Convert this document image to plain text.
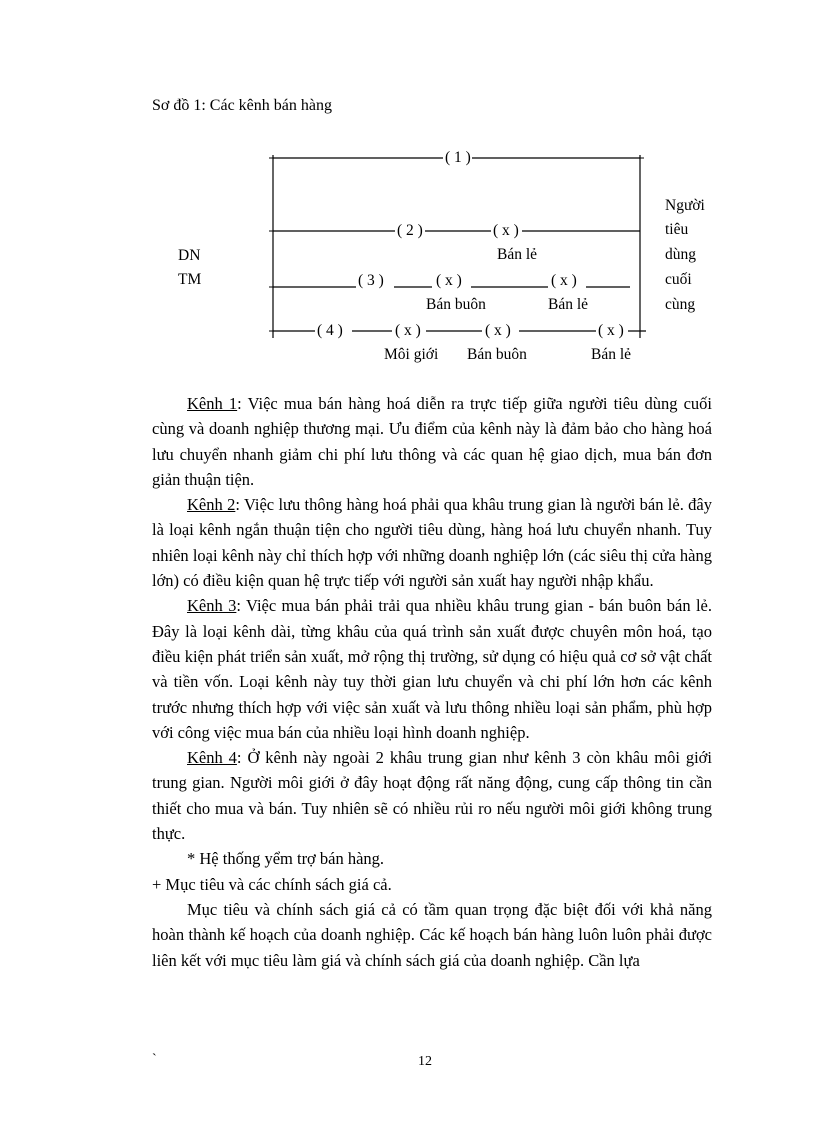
Sơ đồ 1: Các kênh bán hàng
( 1 )
( 2 )	( x )
Bán lẻ
( 3 )	( x )	( x )
Bán buôn	Bán lẻ
( 4 )	( x )	( x )	( x )
Môi giới Bán buôn	Bán lẻ
DN
TM
Người
tiêu
dùng
cuối
cùng

Kênh 1: Việc mua bán hàng hoá diễn ra trực tiếp giữa người tiêu dùng cuối cùng và doanh nghiệp thương mại. Ưu điểm của kênh này là đảm bảo cho hàng hoá lưu chuyển nhanh giảm chi phí lưu thông và các quan hệ giao dịch, mua bán đơn giản thuận tiện.

Kênh 2: Việc lưu thông hàng hoá phải qua khâu trung gian là người bán lẻ. đây là loại kênh ngắn thuận tiện cho người tiêu dùng, hàng hoá lưu chuyển nhanh. Tuy nhiên loại kênh này chỉ thích hợp với những doanh nghiệp lớn (các siêu thị cửa hàng lớn) có điều kiện quan hệ trực tiếp với người sản xuất hay người nhập khẩu.

Kênh 3: Việc mua bán phải trải qua nhiều khâu trung gian - bán buôn bán lẻ. Đây là loại kênh dài, từng khâu của quá trình sản xuất được chuyên môn hoá, tạo điều kiện phát triển sản xuất, mở rộng thị trường, sử dụng có hiệu quả cơ sở vật chất và tiền vốn. Loại kênh này tuy thời gian lưu chuyển và chi phí lớn hơn các kênh trước nhưng thích hợp với việc sản xuất và lưu thông nhiều loại sản phẩm, phù hợp với công việc mua bán của nhiều loại hình doanh nghiệp.

Kênh 4: Ở kênh này ngoài 2 khâu trung gian như kênh 3 còn khâu môi giới trung gian. Người môi giới ở đây hoạt động rất năng động, cung cấp thông tin cần thiết cho mua và bán. Tuy nhiên sẽ có nhiều rủi ro nếu người môi giới không trung thực.

* Hệ thống yểm trợ bán hàng.

+ Mục tiêu và các chính sách giá cả.

Mục tiêu và chính sách giá cả có tầm quan trọng đặc biệt đối với khả năng hoàn thành kế hoạch của doanh nghiệp. Các kế hoạch bán hàng luôn luôn phải được liên kết với mục tiêu làm giá và chính sách giá của doanh nghiệp. Cần lựa

`	12
